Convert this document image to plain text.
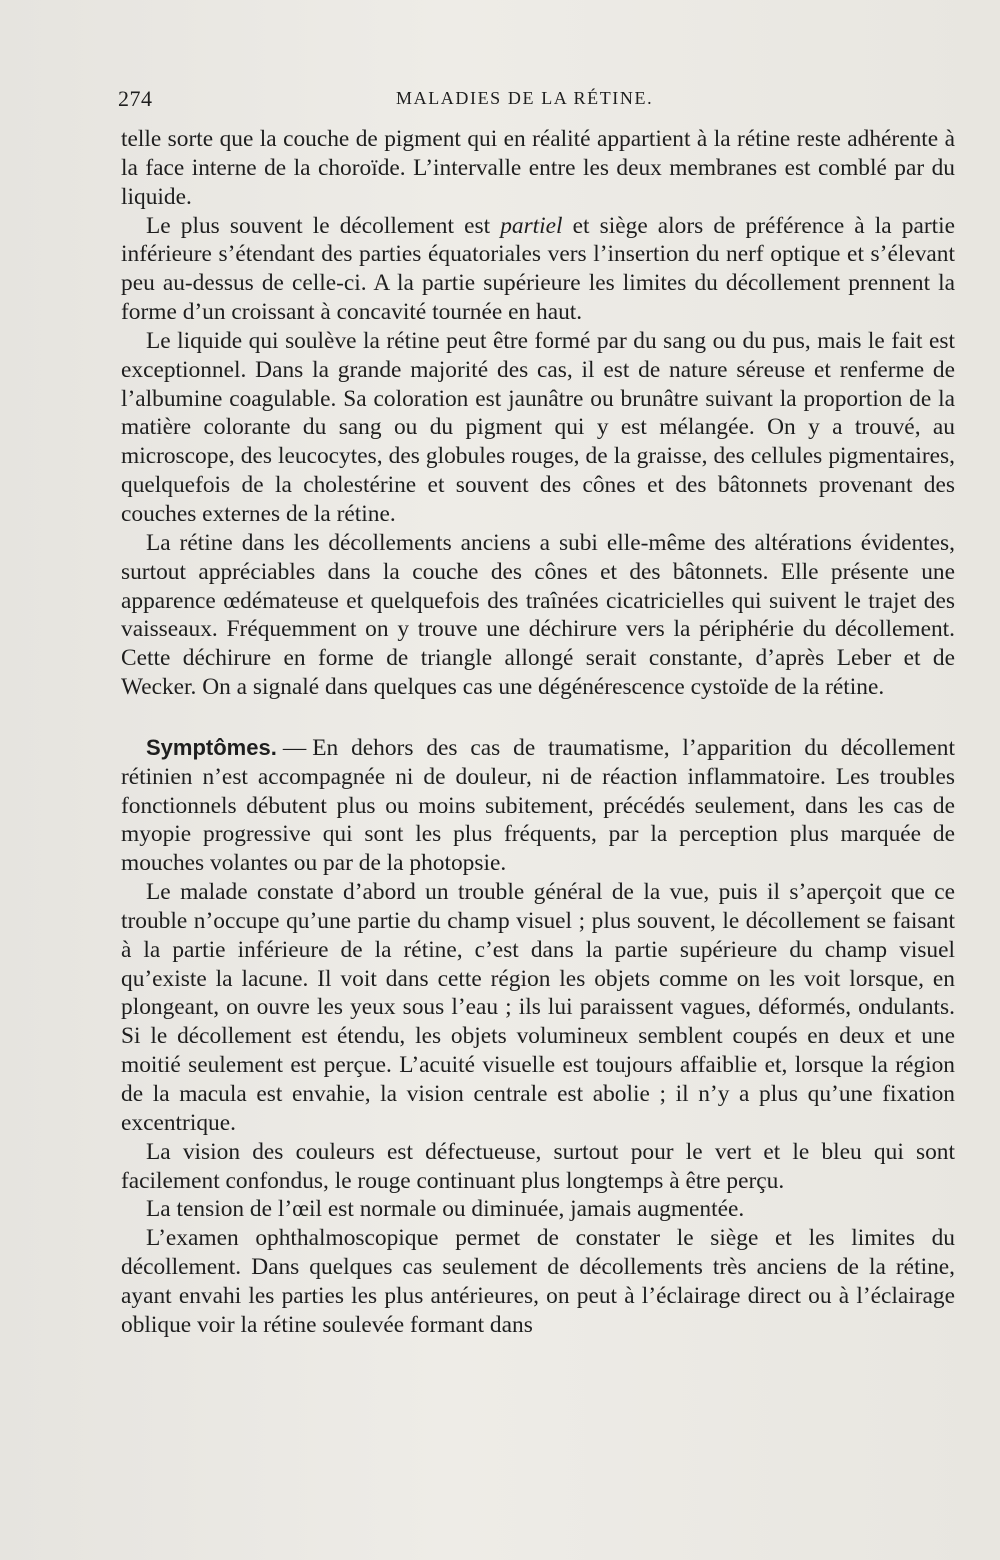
274	MALADIES DE LA RÉTINE.

telle sorte que la couche de pigment qui en réalité appartient à la rétine reste adhérente à la face interne de la choroïde. L’intervalle entre les deux membranes est comblé par du liquide.

Le plus souvent le décollement est partiel et siège alors de préférence à la partie inférieure s’étendant des parties équatoriales vers l’insertion du nerf optique et s’élevant peu au-dessus de celle-ci. A la partie supérieure les limites du décollement prennent la forme d’un croissant à concavité tournée en haut.

Le liquide qui soulève la rétine peut être formé par du sang ou du pus, mais le fait est exceptionnel. Dans la grande majorité des cas, il est de nature séreuse et renferme de l’albumine coagulable. Sa coloration est jaunâtre ou brunâtre suivant la proportion de la matière colorante du sang ou du pigment qui y est mélangée. On y a trouvé, au microscope, des leucocytes, des globules rouges, de la graisse, des cellules pigmentaires, quelquefois de la cholestérine et souvent des cônes et des bâtonnets provenant des couches externes de la rétine.

La rétine dans les décollements anciens a subi elle-même des altérations évidentes, surtout appréciables dans la couche des cônes et des bâtonnets. Elle présente une apparence œdémateuse et quelquefois des traînées cicatricielles qui suivent le trajet des vaisseaux. Fréquemment on y trouve une déchirure vers la périphérie du décollement. Cette déchirure en forme de triangle allongé serait constante, d’après Leber et de Wecker. On a signalé dans quelques cas une dégénérescence cystoïde de la rétine.

Symptômes. — En dehors des cas de traumatisme, l’apparition du décollement rétinien n’est accompagnée ni de douleur, ni de réaction inflammatoire. Les troubles fonctionnels débutent plus ou moins subitement, précédés seulement, dans les cas de myopie progressive qui sont les plus fréquents, par la perception plus marquée de mouches volantes ou par de la photopsie.

Le malade constate d’abord un trouble général de la vue, puis il s’aperçoit que ce trouble n’occupe qu’une partie du champ visuel ; plus souvent, le décollement se faisant à la partie inférieure de la rétine, c’est dans la partie supérieure du champ visuel qu’existe la lacune. Il voit dans cette région les objets comme on les voit lorsque, en plongeant, on ouvre les yeux sous l’eau ; ils lui paraissent vagues, déformés, ondulants. Si le décollement est étendu, les objets volumineux semblent coupés en deux et une moitié seulement est perçue. L’acuité visuelle est toujours affaiblie et, lorsque la région de la macula est envahie, la vision centrale est abolie ; il n’y a plus qu’une fixation excentrique.

La vision des couleurs est défectueuse, surtout pour le vert et le bleu qui sont facilement confondus, le rouge continuant plus longtemps à être perçu.

La tension de l’œil est normale ou diminuée, jamais augmentée.

L’examen ophthalmoscopique permet de constater le siège et les limites du décollement. Dans quelques cas seulement de décollements très anciens de la rétine, ayant envahi les parties les plus antérieures, on peut à l’éclairage direct ou à l’éclairage oblique voir la rétine soulevée formant dans
